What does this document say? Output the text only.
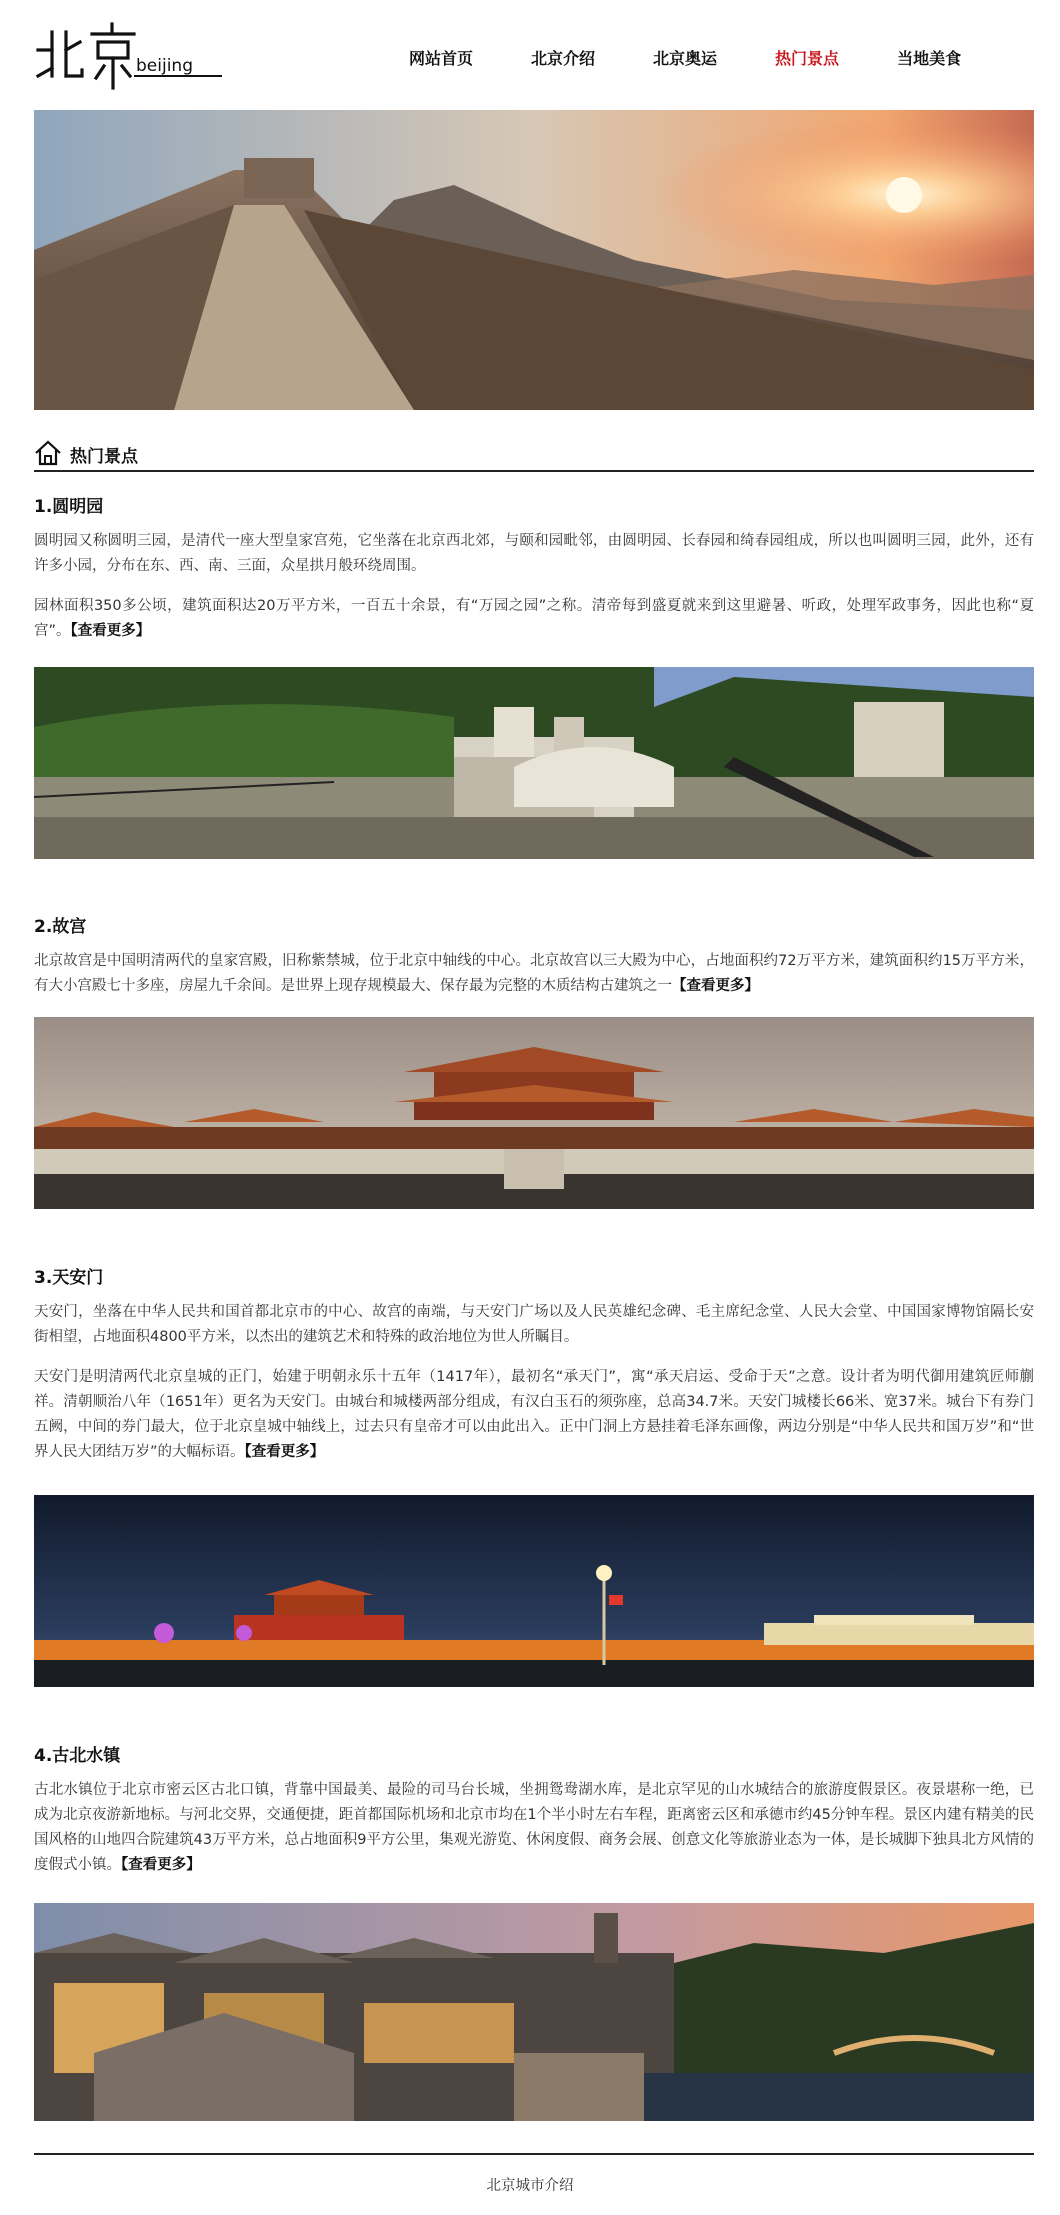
beijing	网站首页	北京介绍	北京奥运	热门景点	当地美食
热门景点
1.圆明园

圆明园又称圆明三园，是清代一座大型皇家宫苑，它坐落在北京西北郊，与颐和园毗邻，由圆明园、长春园和绮春园组成，所以也叫圆明三园，此外，还有许多小园，分布在东、西、南、三面，众星拱月般环绕周围。

园林面积350多公顷，建筑面积达20万平方米，一百五十余景，有“万园之园”之称。清帝每到盛夏就来到这里避暑、听政，处理军政事务，因此也称“夏宫”。【查看更多】

2.故宫

北京故宫是中国明清两代的皇家宫殿，旧称紫禁城，位于北京中轴线的中心。北京故宫以三大殿为中心，占地面积约72万平方米，建筑面积约15万平方米，有大小宫殿七十多座，房屋九千余间。是世界上现存规模最大、保存最为完整的木质结构古建筑之一【查看更多】

3.天安门

天安门，坐落在中华人民共和国首都北京市的中心、故宫的南端，与天安门广场以及人民英雄纪念碑、毛主席纪念堂、人民大会堂、中国国家博物馆隔长安街相望，占地面积4800平方米，以杰出的建筑艺术和特殊的政治地位为世人所瞩目。

天安门是明清两代北京皇城的正门，始建于明朝永乐十五年（1417年），最初名“承天门”，寓“承天启运、受命于天”之意。设计者为明代御用建筑匠师蒯祥。清朝顺治八年（1651年）更名为天安门。由城台和城楼两部分组成，有汉白玉石的须弥座，总高34.7米。天安门城楼长66米、宽37米。城台下有券门五阙，中间的券门最大，位于北京皇城中轴线上，过去只有皇帝才可以由此出入。正中门洞上方悬挂着毛泽东画像，两边分别是“中华人民共和国万岁”和“世界人民大团结万岁”的大幅标语。【查看更多】

4.古北水镇

古北水镇位于北京市密云区古北口镇，背靠中国最美、最险的司马台长城，坐拥鸳鸯湖水库，是北京罕见的山水城结合的旅游度假景区。夜景堪称一绝，已成为北京夜游新地标。与河北交界，交通便捷，距首都国际机场和北京市均在1个半小时左右车程，距离密云区和承德市约45分钟车程。景区内建有精美的民国风格的山地四合院建筑43万平方米，总占地面积9平方公里，集观光游览、休闲度假、商务会展、创意文化等旅游业态为一体，是长城脚下独具北方风情的度假式小镇。【查看更多】

北京城市介绍
